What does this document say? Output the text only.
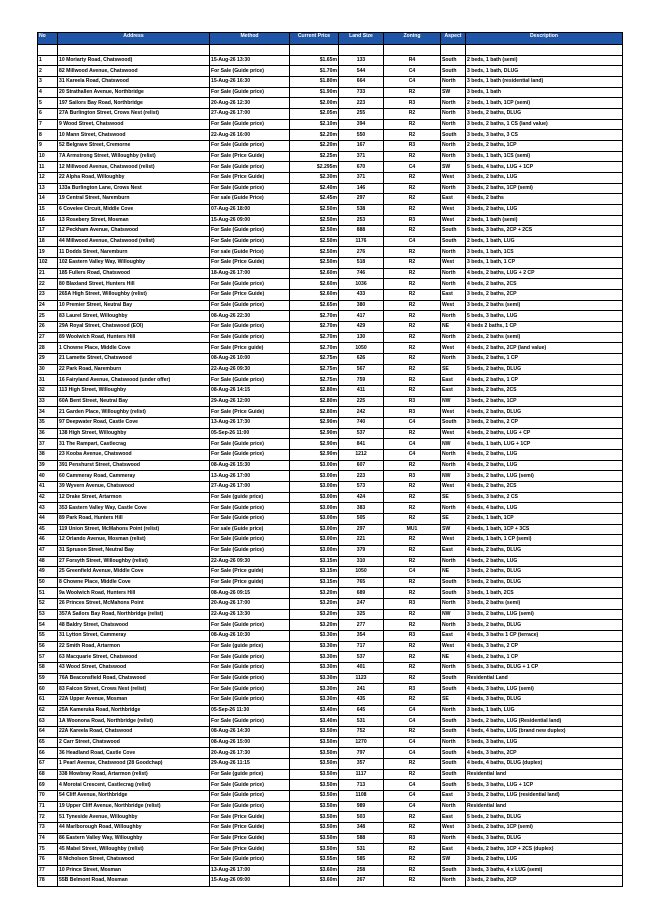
No	Address	Method	Current Price	Land Size	Zoning	Aspect	Description

1	10 Moriarty Road, Chatswood)	15-Aug-26 13:30	$1.65m	133	R4	South	2 beds, 1 bath (semi)
2	82 Millwood Avenue, Chatswood	For Sale (Guide price)	$1.70m	544	C4	South	3 beds, 1 bath, DLUG
3	31 Kareela Road, Chatswood	15-Aug-26 16:30	$1.80m	664	C4	North	3 beds, 1 bath (residential land)
4	20 Strathallen Avenue, Northbridge	For Sale (Guide price)	$1.90m	733	R2	SW	3 beds, 1 bath
5	197 Sailors Bay Road, Northbridge	20-Aug-26 12:30	$2.00m	223	R3	North	2 beds, 1 bath, 1CP (semi)
6	27A Burlington Street, Crows Nest (relist)	27-Aug-26 17:00	$2.05m	255	R2	North	3 beds, 2 baths, DLUG
7	9 Wood Street, Chatswood	For Sale (Guide price)	$2.10m	394	R2	North	3 beds, 2 baths, 1 CS (land value)
8	10 Mann Street, Chatswood	22-Aug-26 16:00	$2.20m	550	R2	South	3 beds, 3 baths, 3 CS
9	52 Belgrave Street, Cremorne	For Sale (Guide price)	$2.20m	167	R3	North	2 beds, 2 baths, 1CP
10	7A Armstrong Street, Willoughby (relist)	For Sale (Price Guide)	$2.25m	371	R2	North	3 beds, 1 bath, 1CS (semi)
11	12 Millwood Avenue, Chatswood (relist)	For Sale (Guide price)	$2.295m	670	C4	SW	5 beds, 4 baths, LUG + 1CP
12	22 Alpha Road, Willoughby	For Sale (Price Guide)	$2.30m	371	R2	West	3 beds, 2 baths, LUG
13	133a Burlington Lane, Crows Nest	For Sale (Guide price)	$2.40m	146	R2	North	3 beds, 2 baths, 1CP (semi)
14	19 Central Street, Naremburn	For sale (Guide Price)	$2.45m	297	R2	East	4 beds, 2 baths
15	6 Covelee Circuit, Middle Cove	07-Aug-26 18:00	$2.50m	538	R2	West	3 beds, 2 baths, LUG
16	13 Rosebery Street, Mosman	15-Aug-26 09:00	$2.50m	253	R3	West	2 beds, 1 bath (semi)
17	12 Peckham Avenue, Chatswood	For Sale (Guide price)	$2.50m	888	R2	South	5 beds, 3 baths, 2CP + 2CS
18	44 Millwood Avenue, Chatswood (relist)	For Sale (Guide price)	$2.50m	1176	C4	South	2 beds, 1 bath, LUG
19	11 Dodds Street, Naremburn	For sale (Guide Price)	$2.50m	276	R2	North	3 beds, 1 bath, 1CS
102	102 Eastern Valley Way, Willoughby	For Sale (Price Guide)	$2.50m	518	R2	West	3 beds, 1 bath, 1 CP
21	185 Fullers Road, Chatswood	18-Aug-26 17:00	$2.60m	746	R2	North	4 beds, 2 baths, LUG + 2 CP
22	80 Blaxland Street, Hunters Hill	For Sale (Guide price)	$2.60m	1036	R2	North	4 beds, 2 baths, 2CS
23	265A High Street, Willoughby (relist)	For Sale (Price Guide)	$2.60m	433	R2	East	3 beds, 2 baths, 2CP
24	10 Premier Street, Neutral Bay	For Sale (Guide price)	$2.65m	380	R2	West	3 beds, 2 baths (semi)
25	83 Laurel Street, Willoughby	08-Aug-26 22:30	$2.70m	417	R2	North	5 beds, 3 baths, LUG
26	29A Royal Street, Chatswood (EOI)	For Sale (Guide price)	$2.70m	429	R2	NE	4 beds 2 baths, 1 CP
27	89 Woolwich Road, Hunters Hill	For Sale (Guide price)	$2.70m	130	R2	North	2 beds, 2 baths (semi)
28	1 Chowne Place, Middle Cove	For Sale (Price guide)	$2.70m	1050	R2	West	4 beds, 2 baths, 2CP (land value)
29	21 Lamette Street, Chatswood	08-Aug-26 10:00	$2.75m	626	R2	North	3 beds, 2 baths, 1 CP
30	22 Park Road, Naremburn	22-Aug-26 09:30	$2.75m	567	R2	SE	5 beds, 2 baths, DLUG
31	16 Fairyland Avenue, Chatswood (under offer)	For Sale (Guide price)	$2.75m	759	R2	East	4 beds, 2 baths, 1 CP
32	113 High Street, Willoughby	08-Aug-26 14:15	$2.80m	411	R2	East	3 beds, 2 baths, 2CS
33	60A Bent Street, Neutral Bay	29-Aug-26 12:00	$2.80m	225	R3	NW	3 beds, 2 baths, 1CP
34	21 Garden Place, Willoughby (relist)	For Sale (Price Guide)	$2.80m	242	R3	West	4 beds, 2 baths, DLUG
35	97 Deepwater Road, Castle Cove	13-Aug-26 17:30	$2.90m	740	C4	South	3 beds, 2 baths, 2 CP
36	138 High Street, Willoughby	05-Sep-26 11:00	$2.90m	537	R2	West	4 beds, 2 baths, LUG + CP
37	31 The Rampart, Castlecrag	For Sale (Guide price)	$2.90m	841	C4	NW	4 beds, 1 bath, LUG + 1CP
38	23 Kooba Avenue, Chatswood	For Sale (Guide price)	$2.90m	1212	C4	North	4 beds, 2 baths, LUG
39	391 Penshurst Street, Chatswood	08-Aug-26 15:30	$3.00m	607	R2	North	4 beds, 2 baths, LUG
40	60 Cammeray Road, Cammeray	13-Aug-26 17:00	$3.00m	223	R3	NW	3 beds, 2 baths, LUG (semi)
41	39 Wyvern Avenue, Chatswood	27-Aug-26 17:00	$3.00m	573	R2	West	4 beds, 2 baths, 2CS
42	12 Drake Street, Artarmon	For Sale (guide price)	$3.00m	424	R2	SE	5 beds, 3 baths, 2 CS
43	353 Eastern Valley Way, Castle Cove	For Sale (Guide price)	$3.00m	383	R2	North	4 beds, 4 baths, LUG
44	89 Park Road, Hunters Hill	For Sale (Guide price)	$3.00m	505	R2	SE	2 beds, 1 bath, 1CP
45	119 Union Street, McMahons Point (relist)	For sale (Guide price)	$3.00m	297	MU1	SW	4 beds, 1 bath, 1CP + 3CS
46	12 Orlando Avenue, Mosman (relist)	For Sale (Guide price)	$3.00m	221	R2	West	2 beds, 1 bath, 1 CP (semi)
47	31 Spruson Street, Neutral Bay	For Sale (Guide price)	$3.00m	379	R2	East	4 beds, 2 baths, DLUG
48	27 Forsyth Street, Willoughby (relist)	22-Aug-26 09:30	$3.15m	310	R2	North	4 beds, 2 baths, LUG
49	25 Greenfield Avenue, Middle Cove	For Sale (Price guide)	$3.15m	1050	C4	NE	3 beds, 2 baths, DLUG
50	8 Chowne Place, Middle Cove	For Sale (Price guide)	$3.15m	765	R2	South	5 beds, 2 baths, DLUG
51	9a Woolwich Road, Hunters Hill	08-Aug-26 09:15	$3.20m	689	R2	South	3 beds, 1 bath, 2CS
52	26 Princes Street, McMahons Point	20-Aug-26 17:00	$3.20m	247	R3	North	3 beds, 2 baths (semi)
53	357A Sailors Bay Road, Northbridge (relist)	22-Aug-26 13:30	$3.20m	325	R2	NW	3 beds, 2 baths, LUG (semi)
54	48 Baldry Street, Chatswood	For Sale (Guide price)	$3.20m	277	R2	North	3 beds, 2 baths, DLUG
55	31 Lytton Street, Cammeray	08-Aug-26 10:30	$3.30m	354	R3	East	4 beds, 3 baths 1 CP (terrace)
56	22 Smith Road, Artarmon	For Sale (guide price)	$3.30m	717	R2	West	4 beds, 3 baths, 2 CP
57	63 Macquarie Street, Chatswood	For Sale (Guide price)	$3.30m	537	R2	NE	4 beds, 2 baths, 1 CP
58	43 Wood Street, Chatswood	For Sale (Guide price)	$3.30m	401	R2	North	5 beds, 3 baths, DLUG + 1 CP
59	76A Beaconsfield Road, Chatswood	For Sale (Guide price)	$3.30m	1123	R2	South	Residential Land
60	83 Falcon Street, Crows Nest (relist)	For Sale (Guide price)	$3.30m	241	R3	South	4 beds, 3 baths, LUG (semi)
61	22A Upper Avenue, Mosman	For Sale (Guide price)	$3.30m	435	R2	SE	4 beds, 3 baths, DLUG
62	25A Kameruka Road, Northbridge	05-Sep-26 11:30	$3.40m	645	C4	North	3 beds, 1 bath, LUG
63	1A Woonona Road, Northbridge (relist)	For Sale (Guide price)	$3.40m	531	C4	South	3 beds, 2 baths, LUG (Residential land)
64	22A Kareela Road, Chatswood	08-Aug-26 14:30	$3.50m	752	R2	South	4 beds, 4 baths, LUG (brand new duplex)
65	2 Carr Street, Chatswood	08-Aug-26 15:00	$3.50m	1270	C4	North	5 beds, 3 baths, LUG
66	36 Headland Road, Castle Cove	20-Aug-26 17:30	$3.50m	797	C4	South	4 beds, 3 baths, 2CP
67	1 Pearl Avenue, Chatswood (28 Goodchap)	29-Aug-26 11:15	$3.50m	357	R2	South	4 beds, 4 baths, DLUG (duplex)
68	338 Mowbray Road, Artarmon (relist)	For Sale (guide price)	$3.50m	1117	R2	South	Residential land
69	4 Morotai Crescent, Castlecrag (relist)	For Sale (Guide price)	$3.50m	713	C4	South	5 beds, 3 baths, LUG + 1CP
70	54 Cliff Avenue, Northbridge	For Sale (Guide price)	$3.50m	1108	C4	East	3 beds, 2 baths, LUG (residential land)
71	19 Upper Cliff Avenue, Northbridge (relist)	For Sale (Guide price)	$3.50m	989	C4	North	Residential land
72	51 Tyneside Avenue, Willoughby	For Sale (Price Guide)	$3.50m	503	R2	East	5 beds, 2 baths, DLUG
73	44 Marlborough Road, Willoughby	For Sale (Price Guide)	$3.50m	348	R2	West	3 beds, 2 baths, 1CP (semi)
74	86 Eastern Valley Way, Willoughby	For Sale (Price Guide)	$3.50m	588	R3	North	4 beds, 3 baths, DLUG
75	45 Mabel Street, Willoughby (relist)	For Sale (Price Guide)	$3.50m	531	R2	East	4 beds, 2 baths, 1CP + 2CS (duplex)
76	8 Nicholson Street, Chatswood	For Sale (Guide price)	$3.55m	585	R2	SW	3 beds, 2 baths, LUG
77	10 Prince Street, Mosman	13-Aug-26 17:00	$3.60m	258	R2	South	3 beds, 3 baths, 4 x LUG (semi)
78	55B Belmont Road, Mosman	15-Aug-26 09:00	$3.60m	267	R2	North	3 beds, 2 baths, 2CP
